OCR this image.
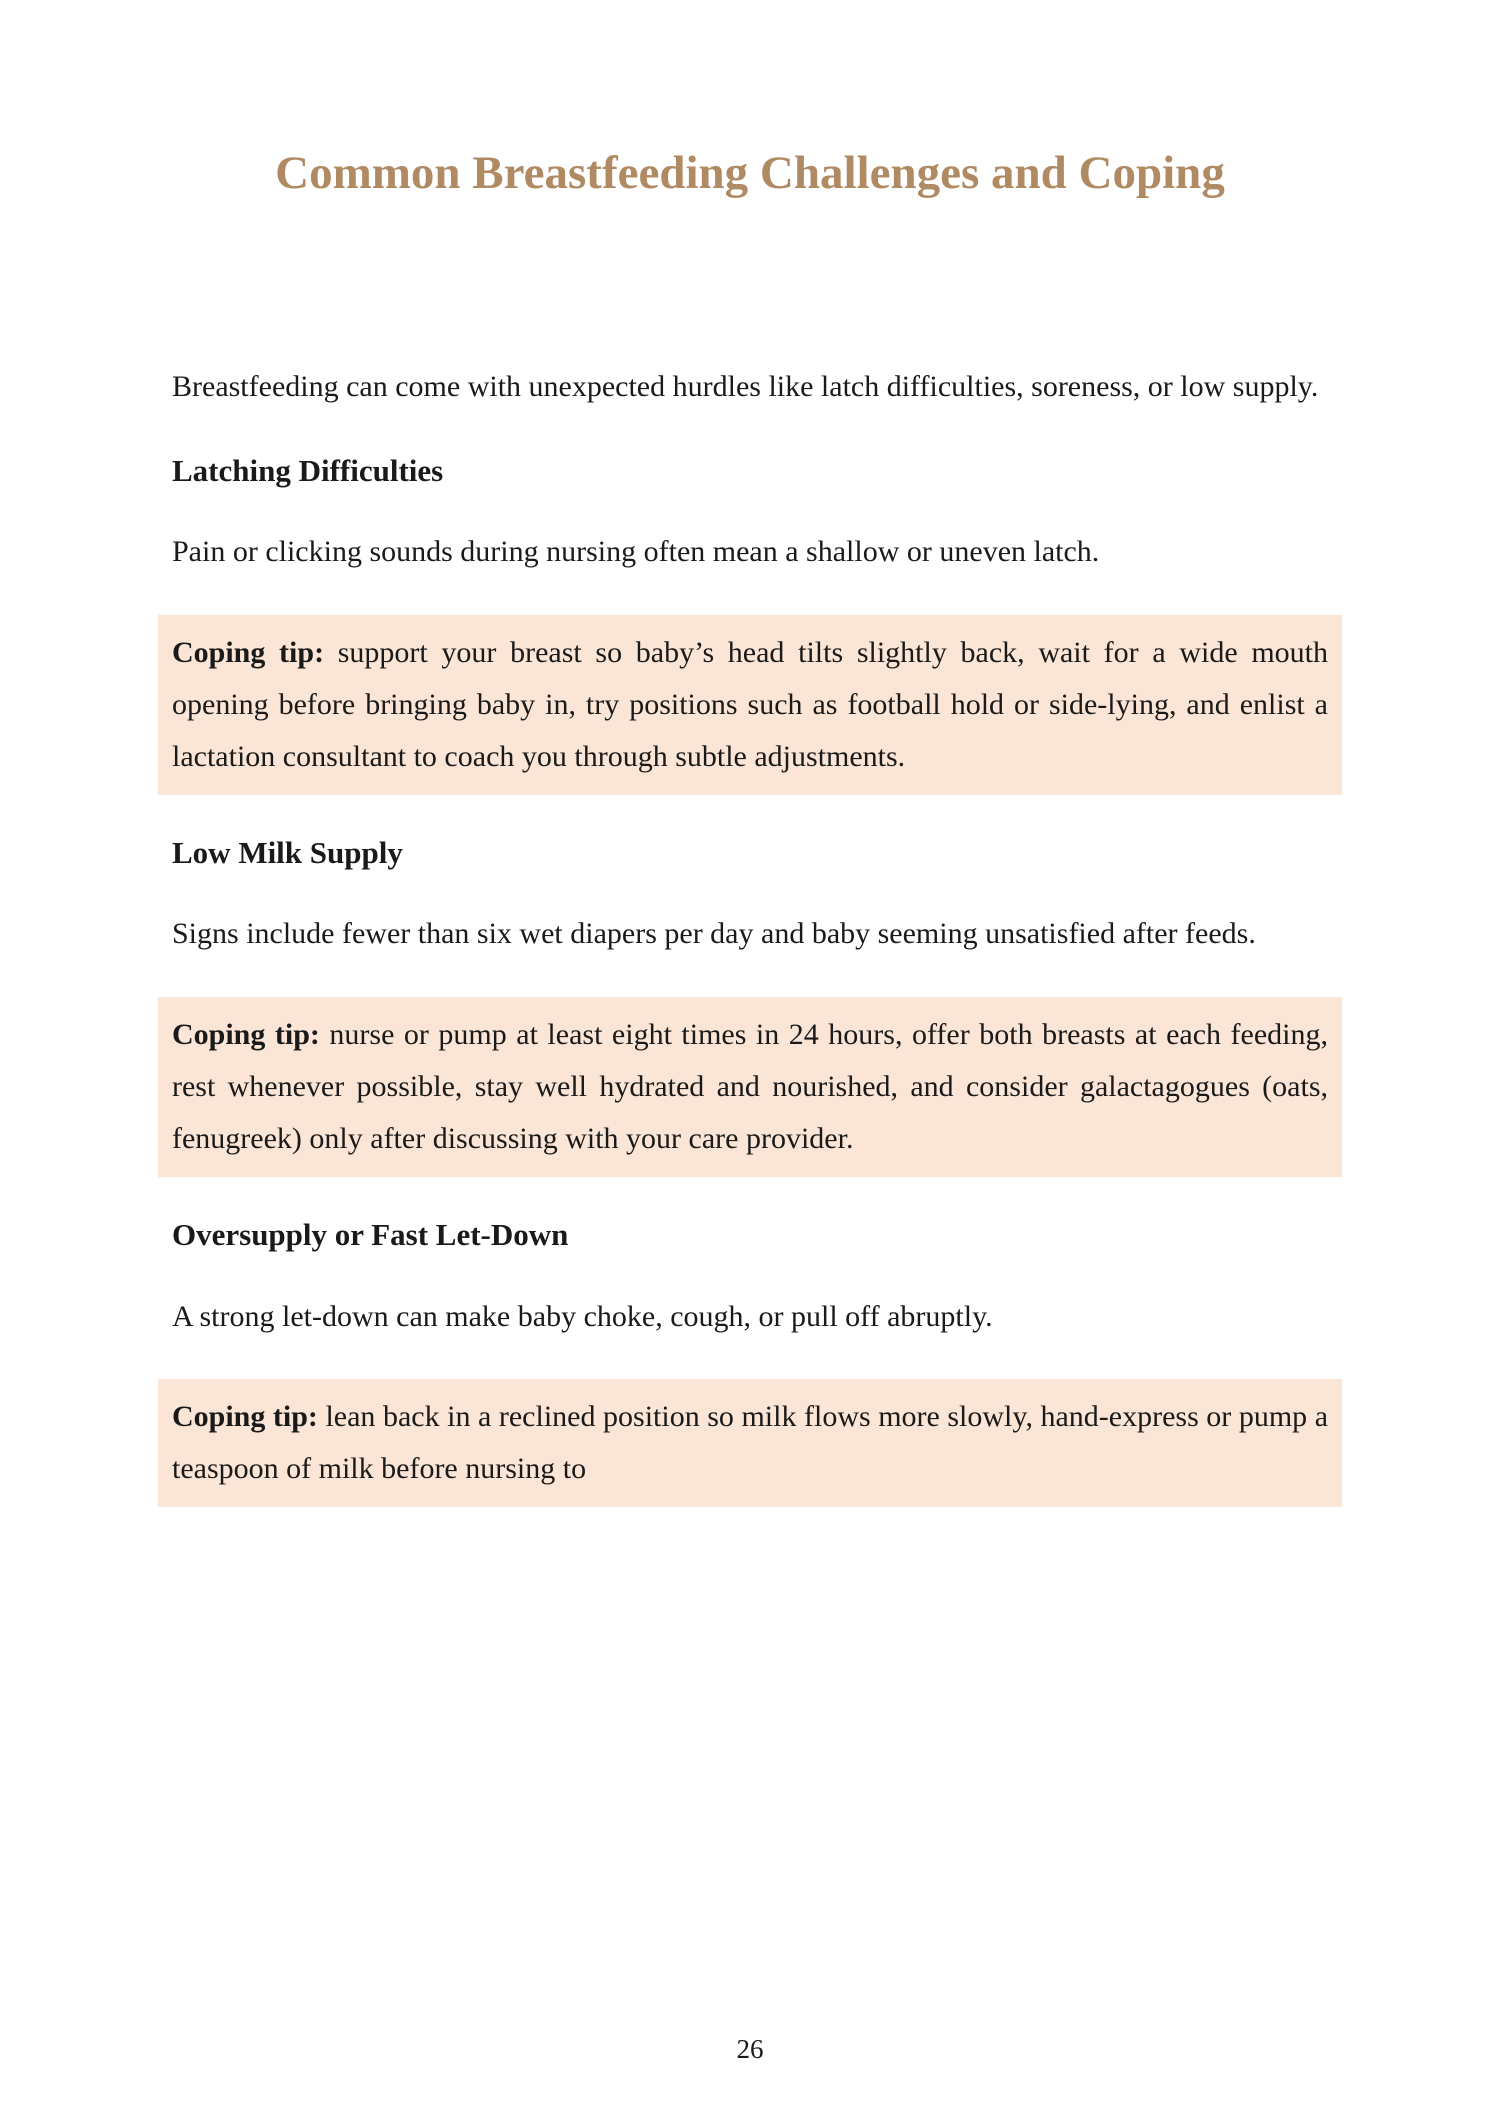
Common Breastfeeding Challenges and Coping

Breastfeeding can come with unexpected hurdles like latch difficulties, soreness, or low supply.

Latching Difficulties

Pain or clicking sounds during nursing often mean a shallow or uneven latch.

Coping tip: support your breast so baby’s head tilts slightly back, wait for a wide mouth opening before bringing baby in, try positions such as football hold or side-lying, and enlist a lactation consultant to coach you through subtle adjustments.

Low Milk Supply

Signs include fewer than six wet diapers per day and baby seeming unsatisfied after feeds.

Coping tip: nurse or pump at least eight times in 24 hours, offer both breasts at each feeding, rest whenever possible, stay well hydrated and nourished, and consider galactagogues (oats, fenugreek) only after discussing with your care provider.

Oversupply or Fast Let-Down

A strong let-down can make baby choke, cough, or pull off abruptly.

Coping tip: lean back in a reclined position so milk flows more slowly, hand-express or pump a teaspoon of milk before nursing to

26
